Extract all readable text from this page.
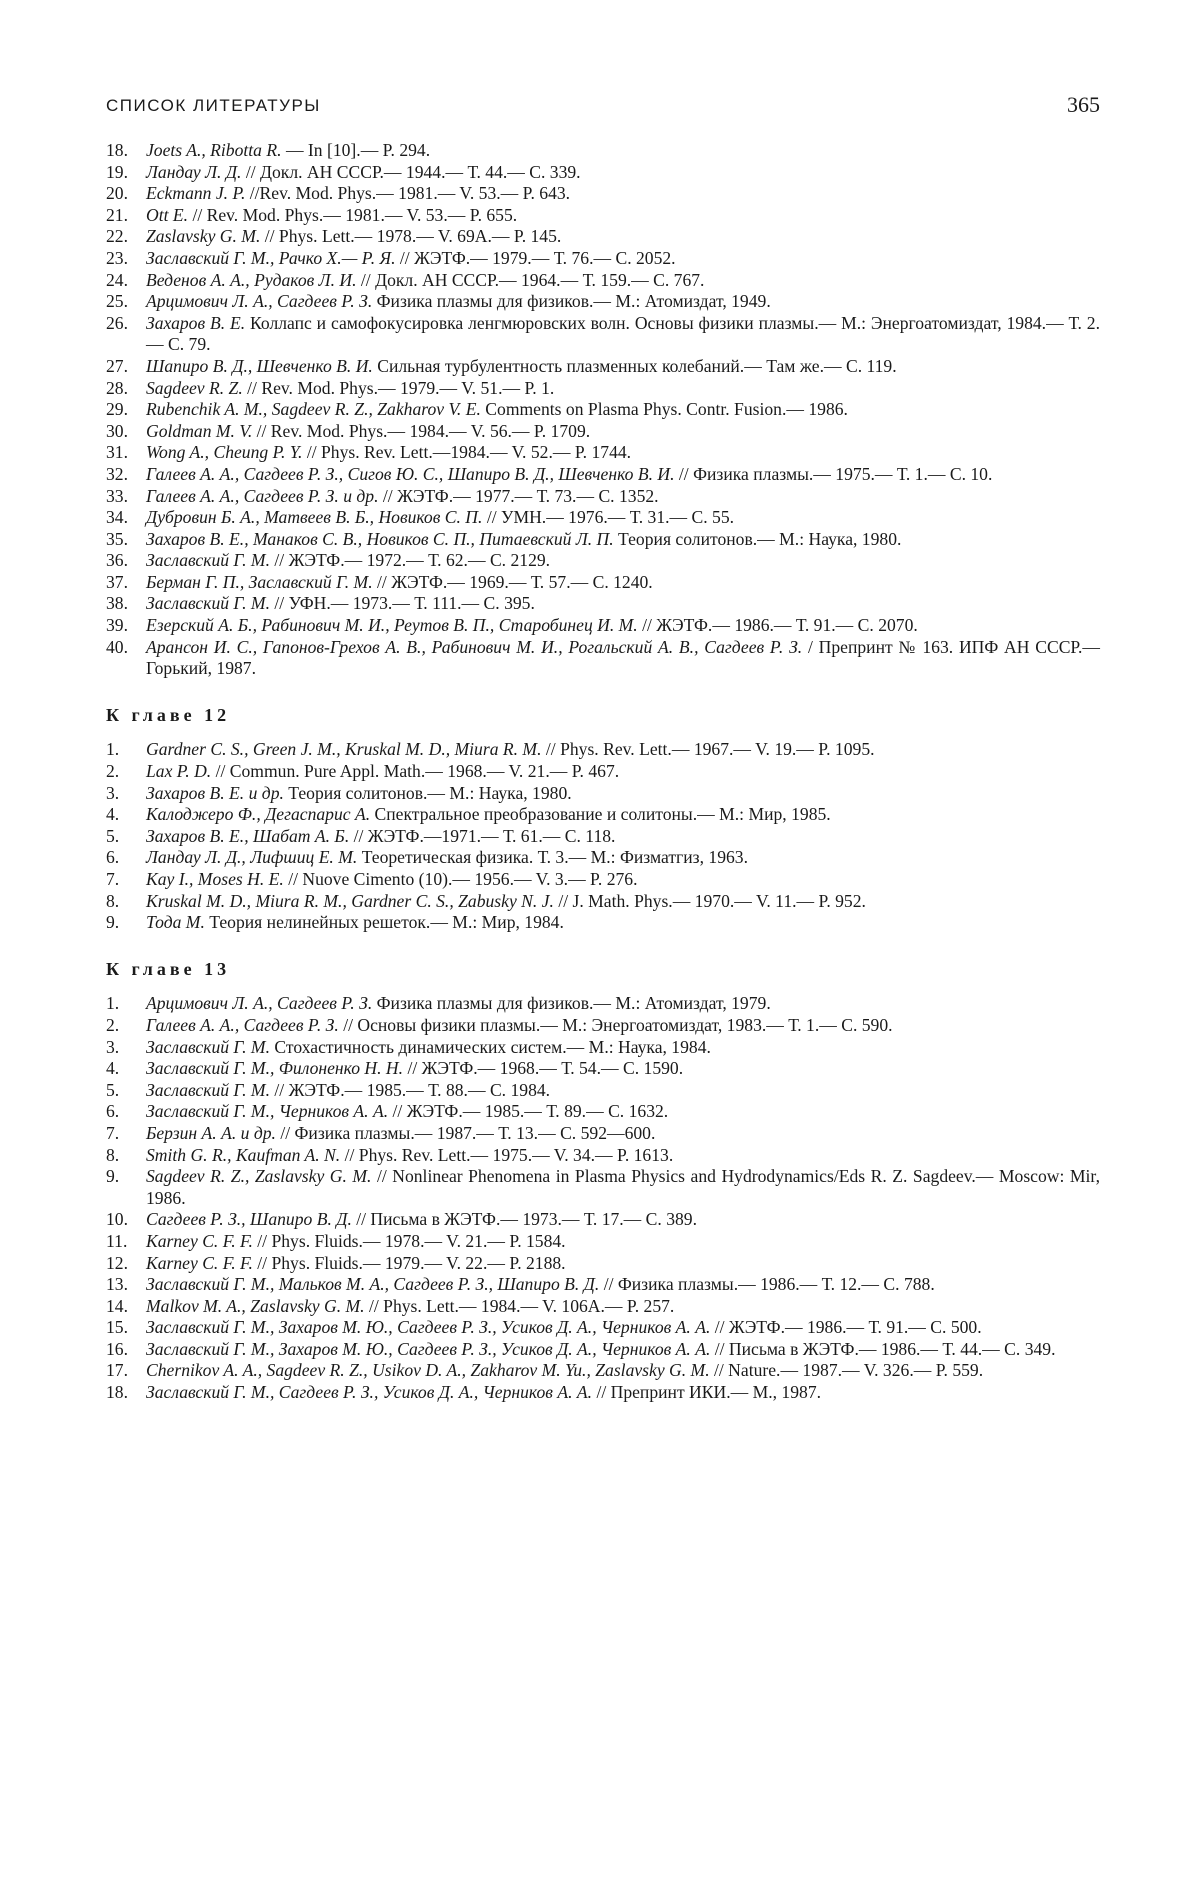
СПИСОК ЛИТЕРАТУРЫ	365
18.	Joets A., Ribotta R. — In [10].— P. 294.
19.	Ландау Л. Д. // Докл. АН СССР.— 1944.— Т. 44.— С. 339.
20.	Eckmann J. P. //Rev. Mod. Phys.— 1981.— V. 53.— P. 643.
21.	Ott E. // Rev. Mod. Phys.— 1981.— V. 53.— P. 655.
22.	Zaslavsky G. M. // Phys. Lett.— 1978.— V. 69A.— P. 145.
23.	Заславский Г. М., Рачко Х.— Р. Я. // ЖЭТФ.— 1979.— Т. 76.— С. 2052.
24.	Веденов А. А., Рудаков Л. И. // Докл. АН СССР.— 1964.— Т. 159.— С. 767.
25.	Арцимович Л. А., Сагдеев Р. З. Физика плазмы для физиков.— М.: Атомиздат, 1949.
26.	Захаров В. Е. Коллапс и самофокусировка ленгмюровских волн. Основы физики плазмы.— М.: Энергоатомиздат, 1984.— Т. 2.— С. 79.
27.	Шапиро В. Д., Шевченко В. И. Сильная турбулентность плазменных колебаний.— Там же.— С. 119.
28.	Sagdeev R. Z. // Rev. Mod. Phys.— 1979.— V. 51.— P. 1.
29.	Rubenchik A. M., Sagdeev R. Z., Zakharov V. E. Comments on Plasma Phys. Contr. Fusion.— 1986.
30.	Goldman M. V. // Rev. Mod. Phys.— 1984.— V. 56.— P. 1709.
31.	Wong A., Cheung P. Y. // Phys. Rev. Lett.—1984.— V. 52.— P. 1744.
32.	Галеев А. А., Сагдеев Р. З., Сигов Ю. С., Шапиро В. Д., Шевченко В. И. // Физика плазмы.— 1975.— Т. 1.— С. 10.
33.	Галеев А. А., Сагдеев Р. З. и др. // ЖЭТФ.— 1977.— Т. 73.— С. 1352.
34.	Дубровин Б. А., Матвеев В. Б., Новиков С. П. // УМН.— 1976.— Т. 31.— С. 55.
35.	Захаров В. Е., Манаков С. В., Новиков С. П., Питаевский Л. П. Теория солитонов.— М.: Наука, 1980.
36.	Заславский Г. М. // ЖЭТФ.— 1972.— Т. 62.— С. 2129.
37.	Берман Г. П., Заславский Г. М. // ЖЭТФ.— 1969.— Т. 57.— С. 1240.
38.	Заславский Г. М. // УФН.— 1973.— Т. 111.— С. 395.
39.	Езерский А. Б., Рабинович М. И., Реутов В. П., Старобинец И. М. // ЖЭТФ.— 1986.— Т. 91.— С. 2070.
40.	Арансон И. С., Гапонов-Грехов А. В., Рабинович М. И., Рогальский А. В., Сагдеев Р. З. / Препринт № 163. ИПФ АН СССР.— Горький, 1987.
К главе 12
1.	Gardner C. S., Green J. M., Kruskal M. D., Miura R. M. // Phys. Rev. Lett.— 1967.— V. 19.— P. 1095.
2.	Lax P. D. // Commun. Pure Appl. Math.— 1968.— V. 21.— P. 467.
3.	Захаров В. Е. и др. Теория солитонов.— М.: Наука, 1980.
4.	Калоджеро Ф., Дегаспарис А. Спектральное преобразование и солитоны.— М.: Мир, 1985.
5.	Захаров В. Е., Шабат А. Б. // ЖЭТФ.—1971.— Т. 61.— С. 118.
6.	Ландау Л. Д., Лифшиц Е. М. Теоретическая физика. Т. 3.— М.: Физматгиз, 1963.
7.	Kay I., Moses H. E. // Nuove Cimento (10).— 1956.— V. 3.— P. 276.
8.	Kruskal M. D., Miura R. M., Gardner C. S., Zabusky N. J. // J. Math. Phys.— 1970.— V. 11.— P. 952.
9.	Тода М. Теория нелинейных решеток.— М.: Мир, 1984.
К главе 13
1.	Арцимович Л. А., Сагдеев Р. З. Физика плазмы для физиков.— М.: Атомиздат, 1979.
2.	Галеев А. А., Сагдеев Р. З. // Основы физики плазмы.— М.: Энергоатомиздат, 1983.— Т. 1.— С. 590.
3.	Заславский Г. М. Стохастичность динамических систем.— М.: Наука, 1984.
4.	Заславский Г. М., Филоненко Н. Н. // ЖЭТФ.— 1968.— Т. 54.— С. 1590.
5.	Заславский Г. М. // ЖЭТФ.— 1985.— Т. 88.— С. 1984.
6.	Заславский Г. М., Черников А. А. // ЖЭТФ.— 1985.— Т. 89.— С. 1632.
7.	Берзин А. А. и др. // Физика плазмы.— 1987.— Т. 13.— С. 592—600.
8.	Smith G. R., Kaufman A. N. // Phys. Rev. Lett.— 1975.— V. 34.— P. 1613.
9.	Sagdeev R. Z., Zaslavsky G. M. // Nonlinear Phenomena in Plasma Physics and Hydrodynamics/Eds R. Z. Sagdeev.— Moscow: Mir, 1986.
10.	Сагдеев Р. З., Шапиро В. Д. // Письма в ЖЭТФ.— 1973.— Т. 17.— С. 389.
11.	Karney C. F. F. // Phys. Fluids.— 1978.— V. 21.— P. 1584.
12.	Karney C. F. F. // Phys. Fluids.— 1979.— V. 22.— P. 2188.
13.	Заславский Г. М., Мальков М. А., Сагдеев Р. З., Шапиро В. Д. // Физика плазмы.— 1986.— Т. 12.— С. 788.
14.	Malkov M. A., Zaslavsky G. M. // Phys. Lett.— 1984.— V. 106A.— P. 257.
15.	Заславский Г. М., Захаров М. Ю., Сагдеев Р. З., Усиков Д. А., Черников А. А. // ЖЭТФ.— 1986.— Т. 91.— С. 500.
16.	Заславский Г. М., Захаров М. Ю., Сагдеев Р. З., Усиков Д. А., Черников А. А. // Письма в ЖЭТФ.— 1986.— Т. 44.— С. 349.
17.	Chernikov A. A., Sagdeev R. Z., Usikov D. A., Zakharov M. Yu., Zaslavsky G. M. // Nature.— 1987.— V. 326.— P. 559.
18.	Заславский Г. М., Сагдеев Р. З., Усиков Д. А., Черников А. А. // Препринт ИКИ.— М., 1987.
